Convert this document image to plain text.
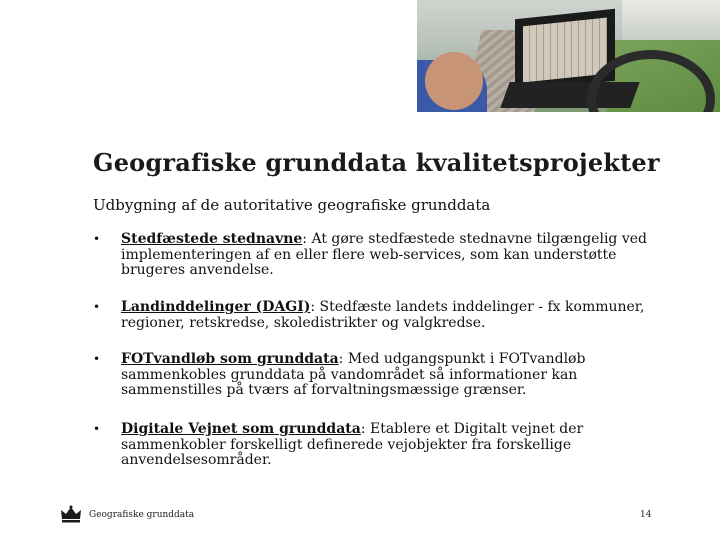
Geografiske grunddata kvalitetsprojekter
Udbygning af de autoritative geografiske grunddata
• Stedfæstede stednavne: At gøre stedfæstede stednavne tilgængelig ved implementeringen af en eller flere web-services, som kan understøtte brugeres anvendelse.
• Landinddelinger (DAGI): Stedfæste landets inddelinger - fx kommuner, regioner, retskredse, skoledistrikter og valgkredse.
• FOTvandløb som grunddata: Med udgangspunkt i FOTvandløb sammenkobles grunddata på vandområdet så informationer kan sammenstilles på tværs af forvaltningsmæssige grænser.
• Digitale Vejnet som grunddata: Etablere et Digitalt vejnet der sammenkobler forskelligt definerede vejobjekter fra forskellige anvendelsesområder.
Geografiske grunddata	14
